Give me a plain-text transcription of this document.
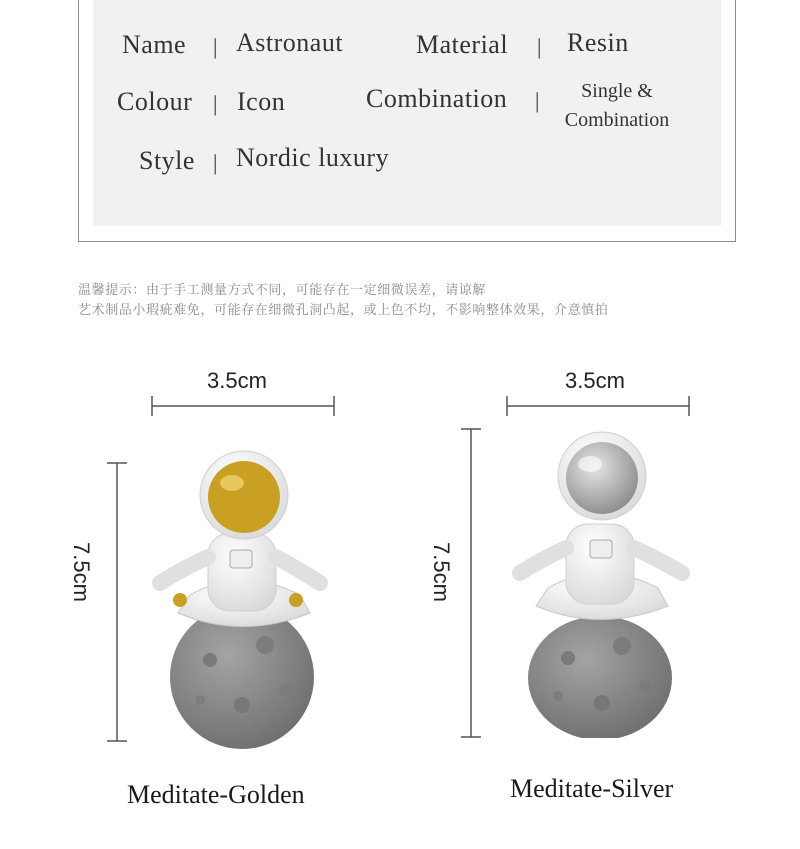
Name | Astronaut	Material | Resin
Colour | Icon	Combination |	Single &
Combination
Style | Nordic luxury
温馨提示：由于手工测量方式不同，可能存在一定细微误差，请谅解
艺术制品小瑕疵难免，可能存在细微孔洞凸起，或上色不均，不影响整体效果，介意慎拍
3.5cm
7.5cm
3.5cm
7.5cm
Meditate-Golden	Meditate-Silver
